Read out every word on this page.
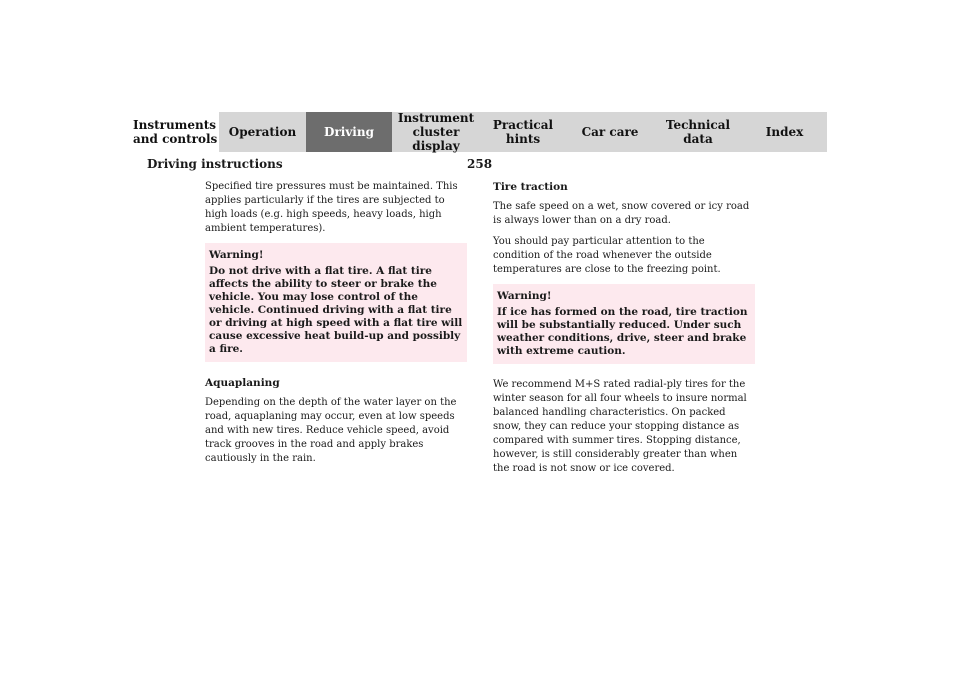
Instruments
and controls Operation Driving
Instrument
cluster display
Practical hints	Car care Technical
data	Index
Driving instructions	258

Specified tire pressures must be maintained. This applies particularly if the tires are subjected to high loads (e.g. high speeds, heavy loads, high ambient temperatures).

Warning!
Do not drive with a flat tire. A flat tire affects the ability to steer or brake the vehicle. You may lose control of the vehicle. Continued driving with a flat tire or driving at high speed with a flat tire will cause excessive heat build-up and possibly a fire.

Aquaplaning

Depending on the depth of the water layer on the road, aquaplaning may occur, even at low speeds and with new tires. Reduce vehicle speed, avoid track grooves in the road and apply brakes cautiously in the rain.

Tire traction

The safe speed on a wet, snow covered or icy road is always lower than on a dry road.

You should pay particular attention to the condition of the road whenever the outside temperatures are close to the freezing point.

Warning!
If ice has formed on the road, tire traction will be substantially reduced. Under such weather conditions, drive, steer and brake with extreme caution.

We recommend M+S rated radial-ply tires for the winter season for all four wheels to insure normal balanced handling characteristics. On packed snow, they can reduce your stopping distance as compared with summer tires. Stopping distance, however, is still considerably greater than when the road is not snow or ice covered.
